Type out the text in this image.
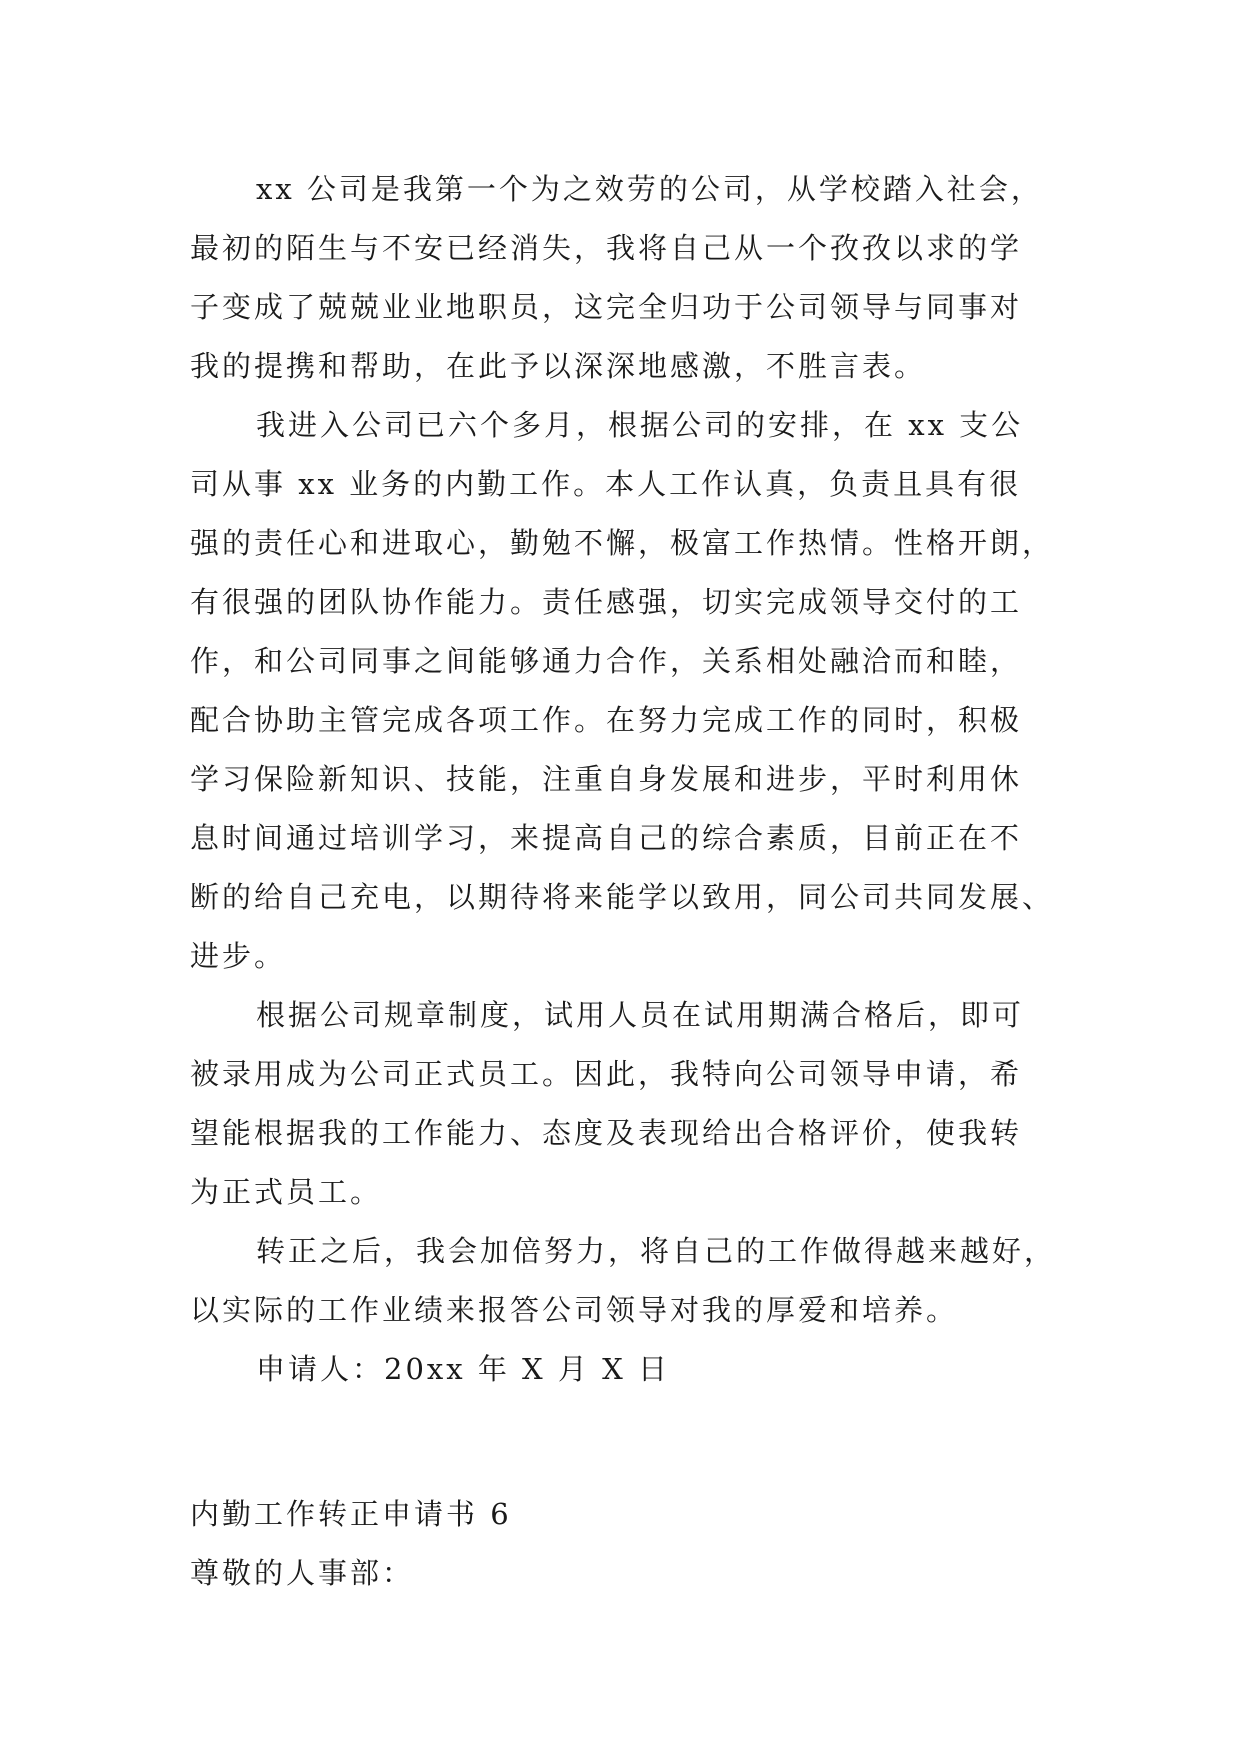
xx 公司是我第一个为之效劳的公司，从学校踏入社会，
最初的陌生与不安已经消失，我将自己从一个孜孜以求的学
子变成了兢兢业业地职员，这完全归功于公司领导与同事对
我的提携和帮助，在此予以深深地感激，不胜言表。
我进入公司已六个多月，根据公司的安排，在 xx 支公
司从事 xx 业务的内勤工作。本人工作认真，负责且具有很
强的责任心和进取心，勤勉不懈，极富工作热情。性格开朗，
有很强的团队协作能力。责任感强，切实完成领导交付的工
作，和公司同事之间能够通力合作，关系相处融洽而和睦，
配合协助主管完成各项工作。在努力完成工作的同时，积极
学习保险新知识、技能，注重自身发展和进步，平时利用休
息时间通过培训学习，来提高自己的综合素质，目前正在不
断的给自己充电，以期待将来能学以致用，同公司共同发展、
进步。
根据公司规章制度，试用人员在试用期满合格后，即可
被录用成为公司正式员工。因此，我特向公司领导申请，希
望能根据我的工作能力、态度及表现给出合格评价，使我转
为正式员工。
转正之后，我会加倍努力，将自己的工作做得越来越好，
以实际的工作业绩来报答公司领导对我的厚爱和培养。
申请人：20xx 年 X 月 X 日
内勤工作转正申请书 6
尊敬的人事部：
